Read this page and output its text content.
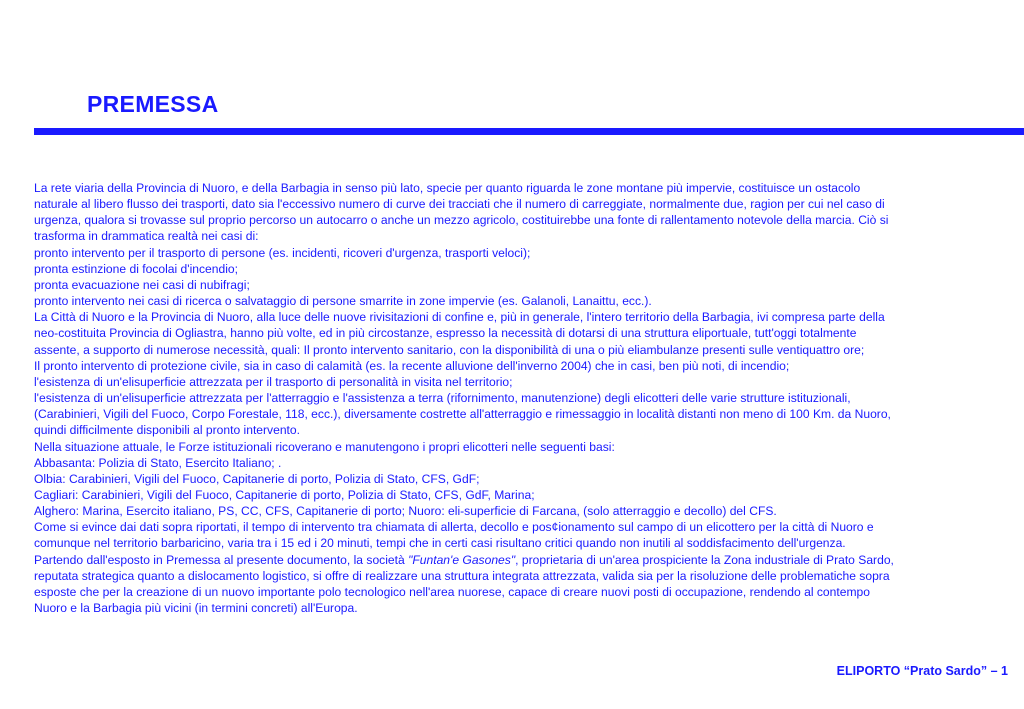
PREMESSA
La rete viaria della Provincia di Nuoro, e della Barbagia in senso più lato, specie per quanto riguarda le zone montane più impervie, costituisce un ostacolo
naturale al libero flusso dei trasporti, dato sia l'eccessivo numero di curve dei tracciati che il numero di carreggiate, normalmente due, ragion per cui nel caso di
urgenza, qualora si trovasse sul proprio percorso un autocarro o anche un mezzo agricolo, costituirebbe una fonte di rallentamento notevole della marcia. Ciò si
trasforma in drammatica realtà nei casi di:
pronto intervento per il trasporto di persone (es. incidenti, ricoveri d'urgenza, trasporti veloci);
pronta estinzione di focolai d'incendio;
pronta evacuazione nei casi di nubifragi;
pronto intervento nei casi di ricerca o salvataggio di persone smarrite in zone impervie (es. Galanoli, Lanaittu, ecc.).
La Città di Nuoro e la Provincia di Nuoro, alla luce delle nuove rivisitazioni di confine e, più in generale, l'intero territorio della Barbagia, ivi compresa parte della
neo-costituita Provincia di Ogliastra, hanno più volte, ed in più circostanze, espresso la necessità di dotarsi di una struttura eliportuale, tutt'oggi totalmente
assente, a supporto di numerose necessità, quali: Il pronto intervento sanitario, con la disponibilità di una o più eliambulanze presenti sulle ventiquattro ore;
Il pronto intervento di protezione civile, sia in caso di calamità (es. la recente alluvione dell'inverno 2004) che in casi, ben più noti, di incendio;
l'esistenza di un'elisuperficie attrezzata per il trasporto di personalità in visita nel territorio;
l'esistenza di un'elisuperficie attrezzata per l'atterraggio e l'assistenza a terra (rifornimento, manutenzione) degli elicotteri delle varie strutture istituzionali,
(Carabinieri, Vigili del Fuoco, Corpo Forestale, 118, ecc.), diversamente costrette all'atterraggio e rimessaggio in località distanti non meno di 100 Km. da Nuoro,
quindi difficilmente disponibili al pronto intervento.
Nella situazione attuale, le Forze istituzionali ricoverano e manutengono i propri elicotteri nelle seguenti basi:
Abbasanta: Polizia di Stato, Esercito Italiano; .
Olbia: Carabinieri, Vigili del Fuoco, Capitanerie di porto, Polizia di Stato, CFS, GdF;
Cagliari: Carabinieri, Vigili del Fuoco, Capitanerie di porto, Polizia di Stato, CFS, GdF, Marina;
Alghero: Marina, Esercito italiano, PS, CC, CFS, Capitanerie di porto; Nuoro: eli-superficie di Farcana, (solo atterraggio e decollo) del CFS.
Come si evince dai dati sopra riportati, il tempo di intervento tra chiamata di allerta, decollo e pos¢ionamento sul campo di un elicottero per la città di Nuoro e
comunque nel territorio barbaricino, varia tra i 15 ed i 20 minuti, tempi che in certi casi risultano critici quando non inutili al soddisfacimento dell'urgenza.
Partendo dall'esposto in Premessa al presente documento, la società "Funtan'e Gasones", proprietaria di un'area prospiciente la Zona industriale di Prato Sardo,
reputata strategica quanto a dislocamento logistico, si offre di realizzare una struttura integrata attrezzata, valida sia per la risoluzione delle problematiche sopra
esposte che per la creazione di un nuovo importante polo tecnologico nell'area nuorese, capace di creare nuovi posti di occupazione, rendendo al contempo
Nuoro e la Barbagia più vicini (in termini concreti) all'Europa.
ELIPORTO “Prato Sardo” – 1
